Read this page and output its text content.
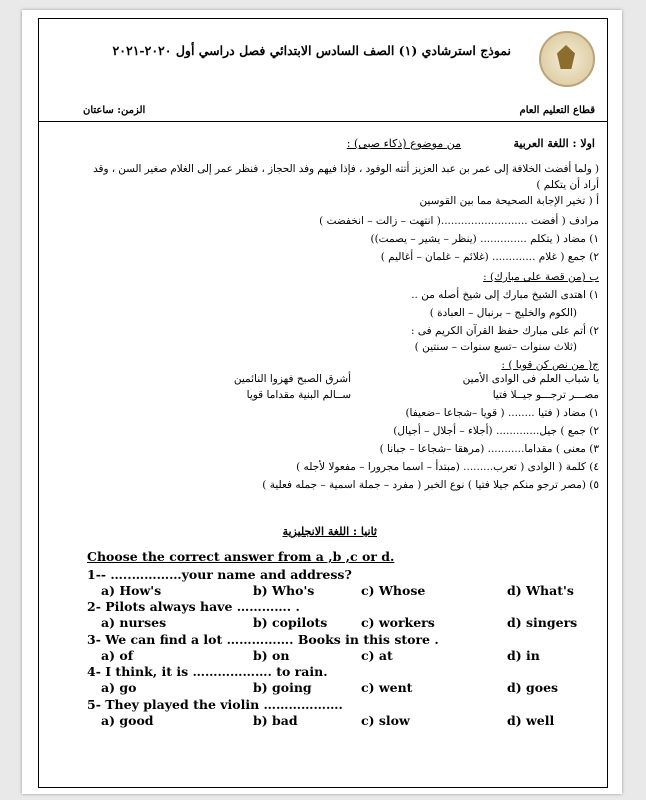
نموذج استرشادي (١) الصف السادس الابتدائي فصل دراسي أول ٢٠٢٠-٢٠٢١
قطاع التعليم العام
الزمن: ساعتان
اولا : اللغة العربية
من موضوع (ذكاء صبى) :
( ولما أفضت الخلافة إلى عمر بن عبد العزيز أتته الوفود ، فإذا فيهم وفد الحجاز ، فنظر عمر إلى الغلام صغير السن ، وقد
أراد أن يتكلم )
أ ( تخير الإجابة الصحيحة مما بين القوسين
مرادف ( أفضت ..........................( انتهت – زالت – انخفضت )
١) مضاد ( يتكلم .............. (ينظر – يشير – يصمت))
٢) جمع ( غلام ............. (غلائم – غلمان – أغاليم )
ب (من قصة على مبارك) :
١) اهتدى الشيخ مبارك إلى شيخ أصله من ..
(الكوم والخليج – برنبال – العبادة )
٢) أتم على مبارك حفظ القرآن الكريم فى :
(ثلاث سنوات –تسع سنوات – سنتين )
ج( من نص كن قويا ) :
يا شباب العلم فى الوادى الأمين
أشرق الصبح فهزوا النائمين
مصـــر ترجـــو جيــلا فتيا
ســالم البنية مقداما قويا
١) مضاد ( فتيا ........ ( قويا –شجاعا –ضعيفا)
٢) جمع ) جيل............. (أجلاء – أجلال – أجيال)
٣) معنى ) مقداما........... (مرهقا –شجاعا – جبانا )
٤) كلمة ( الوادى ( تعرب......... (مبتدأ – اسما مجرورا – مفعولا لأجله )
٥) (مصر ترجو منكم جيلا فتيا ) نوع الخبر ( مفرد – جملة اسمية – جمله فعلية )
ثانيا : اللغة الانجليزية
Choose the correct answer from a ,b ,c or d.
1-- …..…………your name and address?
a) How's	b) Who's	c) Whose	d) What's
2- Pilots always have …………. .
a) nurses	b) copilots	c) workers	d) singers
3- We can find a lot ……………. Books in this store .
a) of	b) on	c) at	d) in
4- I think, it is ………………. to rain.
a) go	b) going	c) went	d) goes
5- They played the violin ……………….
a) good	b) bad	c) slow	d) well
